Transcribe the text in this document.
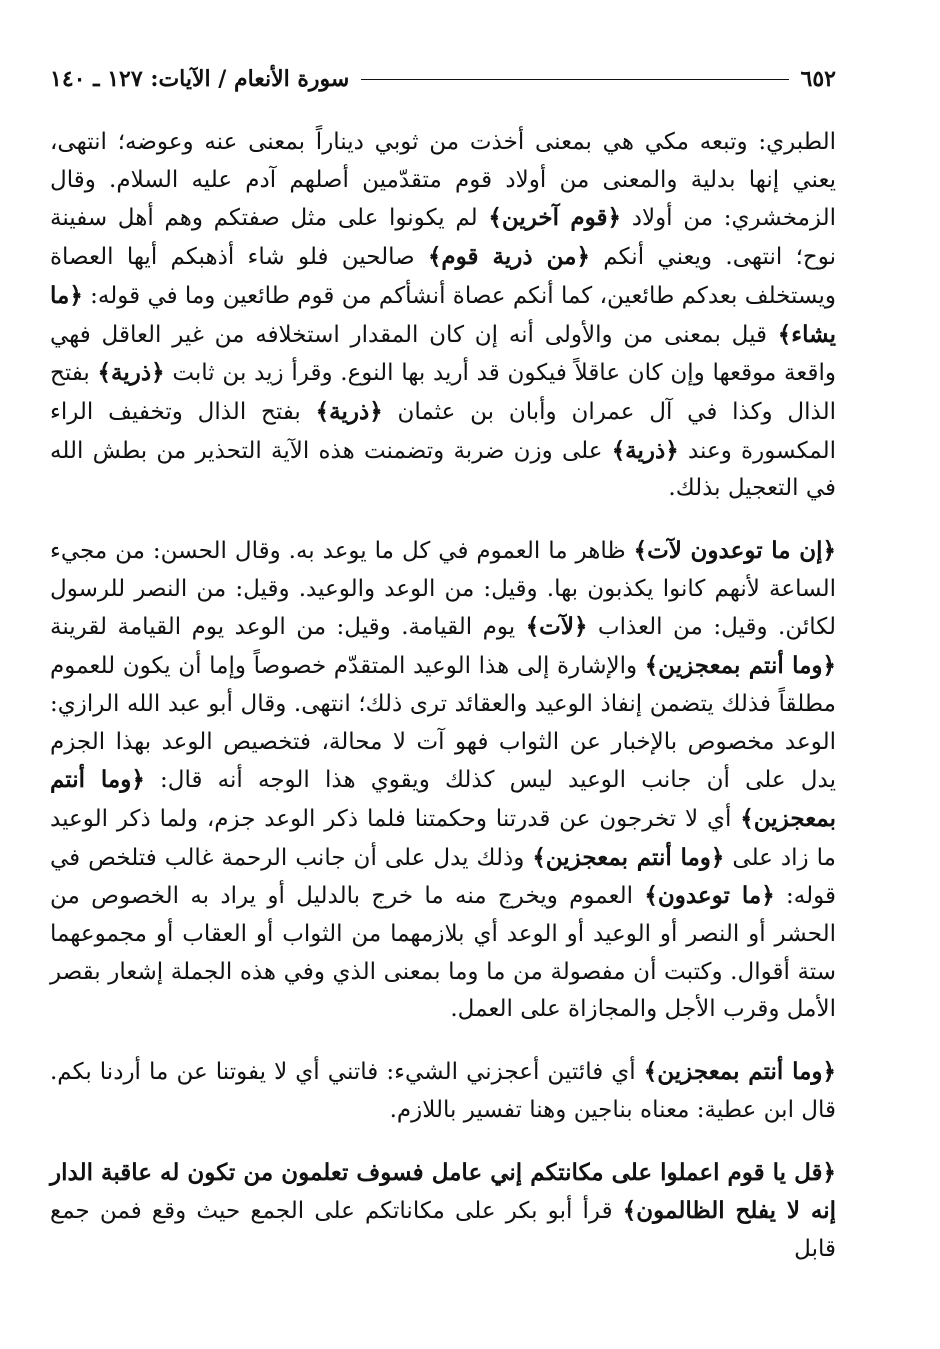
٦٥٢
سورة الأنعام / الآيات: ١٢٧ ـ ١٤٠

الطبري: وتبعه مكي هي بمعنى أخذت من ثوبي ديناراً بمعنى عنه وعوضه؛ انتهى، يعني إنها بدلية والمعنى من أولاد قوم متقدّمين أصلهم آدم عليه السلام. وقال الزمخشري: من أولاد ﴿قوم آخرين﴾ لم يكونوا على مثل صفتكم وهم أهل سفينة نوح؛ انتهى. ويعني أنكم ﴿من ذرية قوم﴾ صالحين فلو شاء أذهبكم أيها العصاة ويستخلف بعدكم طائعين، كما أنكم عصاة أنشأكم من قوم طائعين وما في قوله: ﴿ما يشاء﴾ قيل بمعنى من والأولى أنه إن كان المقدار استخلافه من غير العاقل فهي واقعة موقعها وإن كان عاقلاً فيكون قد أريد بها النوع. وقرأ زيد بن ثابت ﴿ذرية﴾ بفتح الذال وكذا في آل عمران وأبان بن عثمان ﴿ذرية﴾ بفتح الذال وتخفيف الراء المكسورة وعند ﴿ذرية﴾ على وزن ضربة وتضمنت هذه الآية التحذير من بطش الله في التعجيل بذلك.

﴿إن ما توعدون لآت﴾ ظاهر ما العموم في كل ما يوعد به. وقال الحسن: من مجيء الساعة لأنهم كانوا يكذبون بها. وقيل: من الوعد والوعيد. وقيل: من النصر للرسول لكائن. وقيل: من العذاب ﴿لآت﴾ يوم القيامة. وقيل: من الوعد يوم القيامة لقرينة ﴿وما أنتم بمعجزين﴾ والإشارة إلى هذا الوعيد المتقدّم خصوصاً وإما أن يكون للعموم مطلقاً فذلك يتضمن إنفاذ الوعيد والعقائد ترى ذلك؛ انتهى. وقال أبو عبد الله الرازي: الوعد مخصوص بالإخبار عن الثواب فهو آت لا محالة، فتخصيص الوعد بهذا الجزم يدل على أن جانب الوعيد ليس كذلك ويقوي هذا الوجه أنه قال: ﴿وما أنتم بمعجزين﴾ أي لا تخرجون عن قدرتنا وحكمتنا فلما ذكر الوعد جزم، ولما ذكر الوعيد ما زاد على ﴿وما أنتم بمعجزين﴾ وذلك يدل على أن جانب الرحمة غالب فتلخص في قوله: ﴿ما توعدون﴾ العموم ويخرج منه ما خرج بالدليل أو يراد به الخصوص من الحشر أو النصر أو الوعيد أو الوعد أي بلازمهما من الثواب أو العقاب أو مجموعهما ستة أقوال. وكتبت أن مفصولة من ما وما بمعنى الذي وفي هذه الجملة إشعار بقصر الأمل وقرب الأجل والمجازاة على العمل.

﴿وما أنتم بمعجزين﴾ أي فائتين أعجزني الشيء: فاتني أي لا يفوتنا عن ما أردنا بكم. قال ابن عطية: معناه بناجين وهنا تفسير باللازم.

﴿قل يا قوم اعملوا على مكانتكم إني عامل فسوف تعلمون من تكون له عاقبة الدار إنه لا يفلح الظالمون﴾ قرأ أبو بكر على مكاناتكم على الجمع حيث وقع فمن جمع قابل
